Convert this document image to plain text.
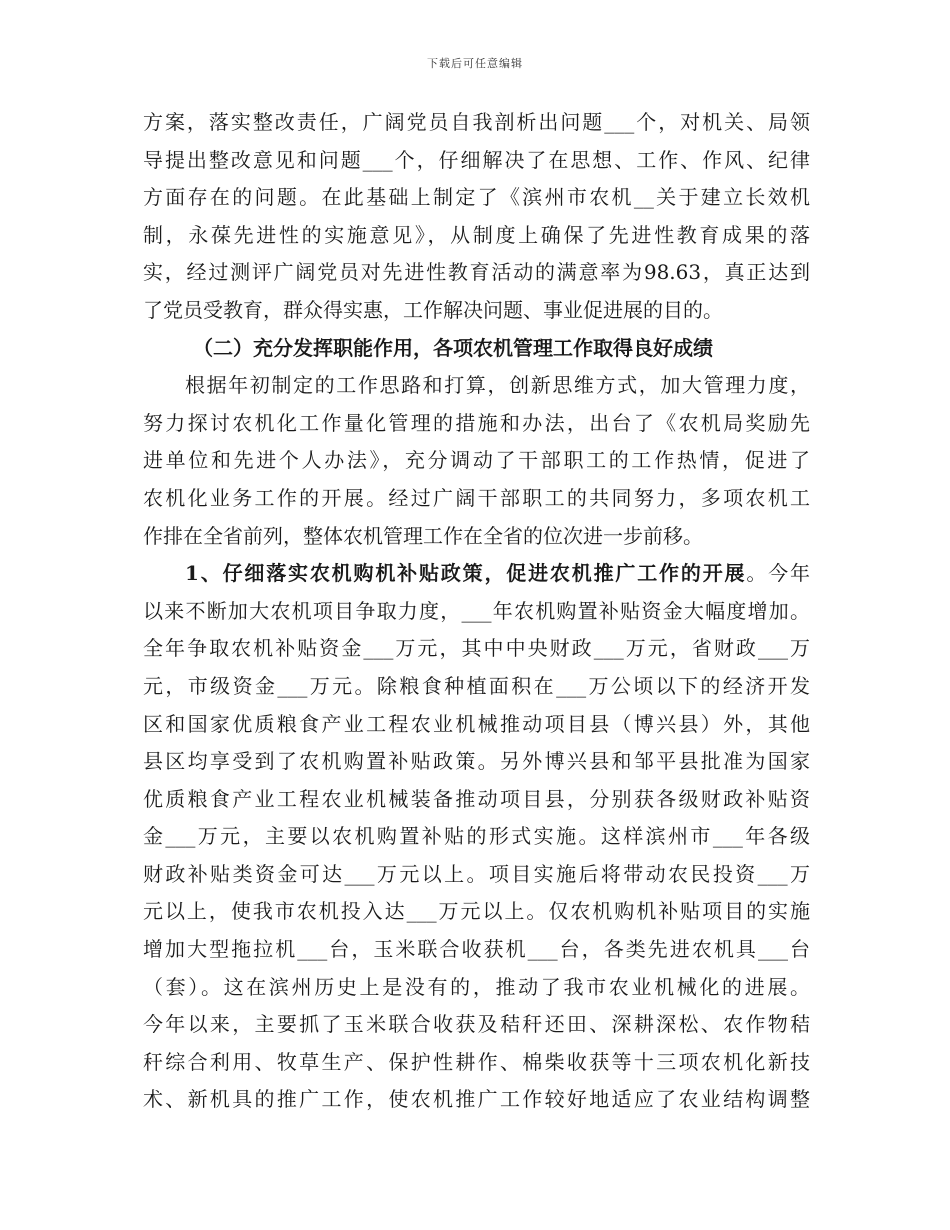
下载后可任意编辑
方案，落实整改责任，广阔党员自我剖析出问题___个，对机关、局领
导提出整改意见和问题___个，仔细解决了在思想、工作、作风、纪律
方面存在的问题。在此基础上制定了《滨州市农机__关于建立长效机
制，永葆先进性的实施意见》，从制度上确保了先进性教育成果的落
实，经过测评广阔党员对先进性教育活动的满意率为98.63，真正达到
了党员受教育，群众得实惠，工作解决问题、事业促进展的目的。
（二）充分发挥职能作用，各项农机管理工作取得良好成绩
根据年初制定的工作思路和打算，创新思维方式，加大管理力度，
努力探讨农机化工作量化管理的措施和办法，出台了《农机局奖励先
进单位和先进个人办法》，充分调动了干部职工的工作热情，促进了
农机化业务工作的开展。经过广阔干部职工的共同努力，多项农机工
作排在全省前列，整体农机管理工作在全省的位次进一步前移。
1、仔细落实农机购机补贴政策，促进农机推广工作的开展。今年
以来不断加大农机项目争取力度，___年农机购置补贴资金大幅度增加。
全年争取农机补贴资金___万元，其中中央财政___万元，省财政___万
元，市级资金___万元。除粮食种植面积在___万公顷以下的经济开发
区和国家优质粮食产业工程农业机械推动项目县（博兴县）外，其他
县区均享受到了农机购置补贴政策。另外博兴县和邹平县批准为国家
优质粮食产业工程农业机械装备推动项目县，分别获各级财政补贴资
金___万元，主要以农机购置补贴的形式实施。这样滨州市___年各级
财政补贴类资金可达___万元以上。项目实施后将带动农民投资___万
元以上，使我市农机投入达___万元以上。仅农机购机补贴项目的实施
增加大型拖拉机___台，玉米联合收获机___台，各类先进农机具___台
（套）。这在滨州历史上是没有的，推动了我市农业机械化的进展。
今年以来，主要抓了玉米联合收获及秸秆还田、深耕深松、农作物秸
秆综合利用、牧草生产、保护性耕作、棉柴收获等十三项农机化新技
术、新机具的推广工作，使农机推广工作较好地适应了农业结构调整
